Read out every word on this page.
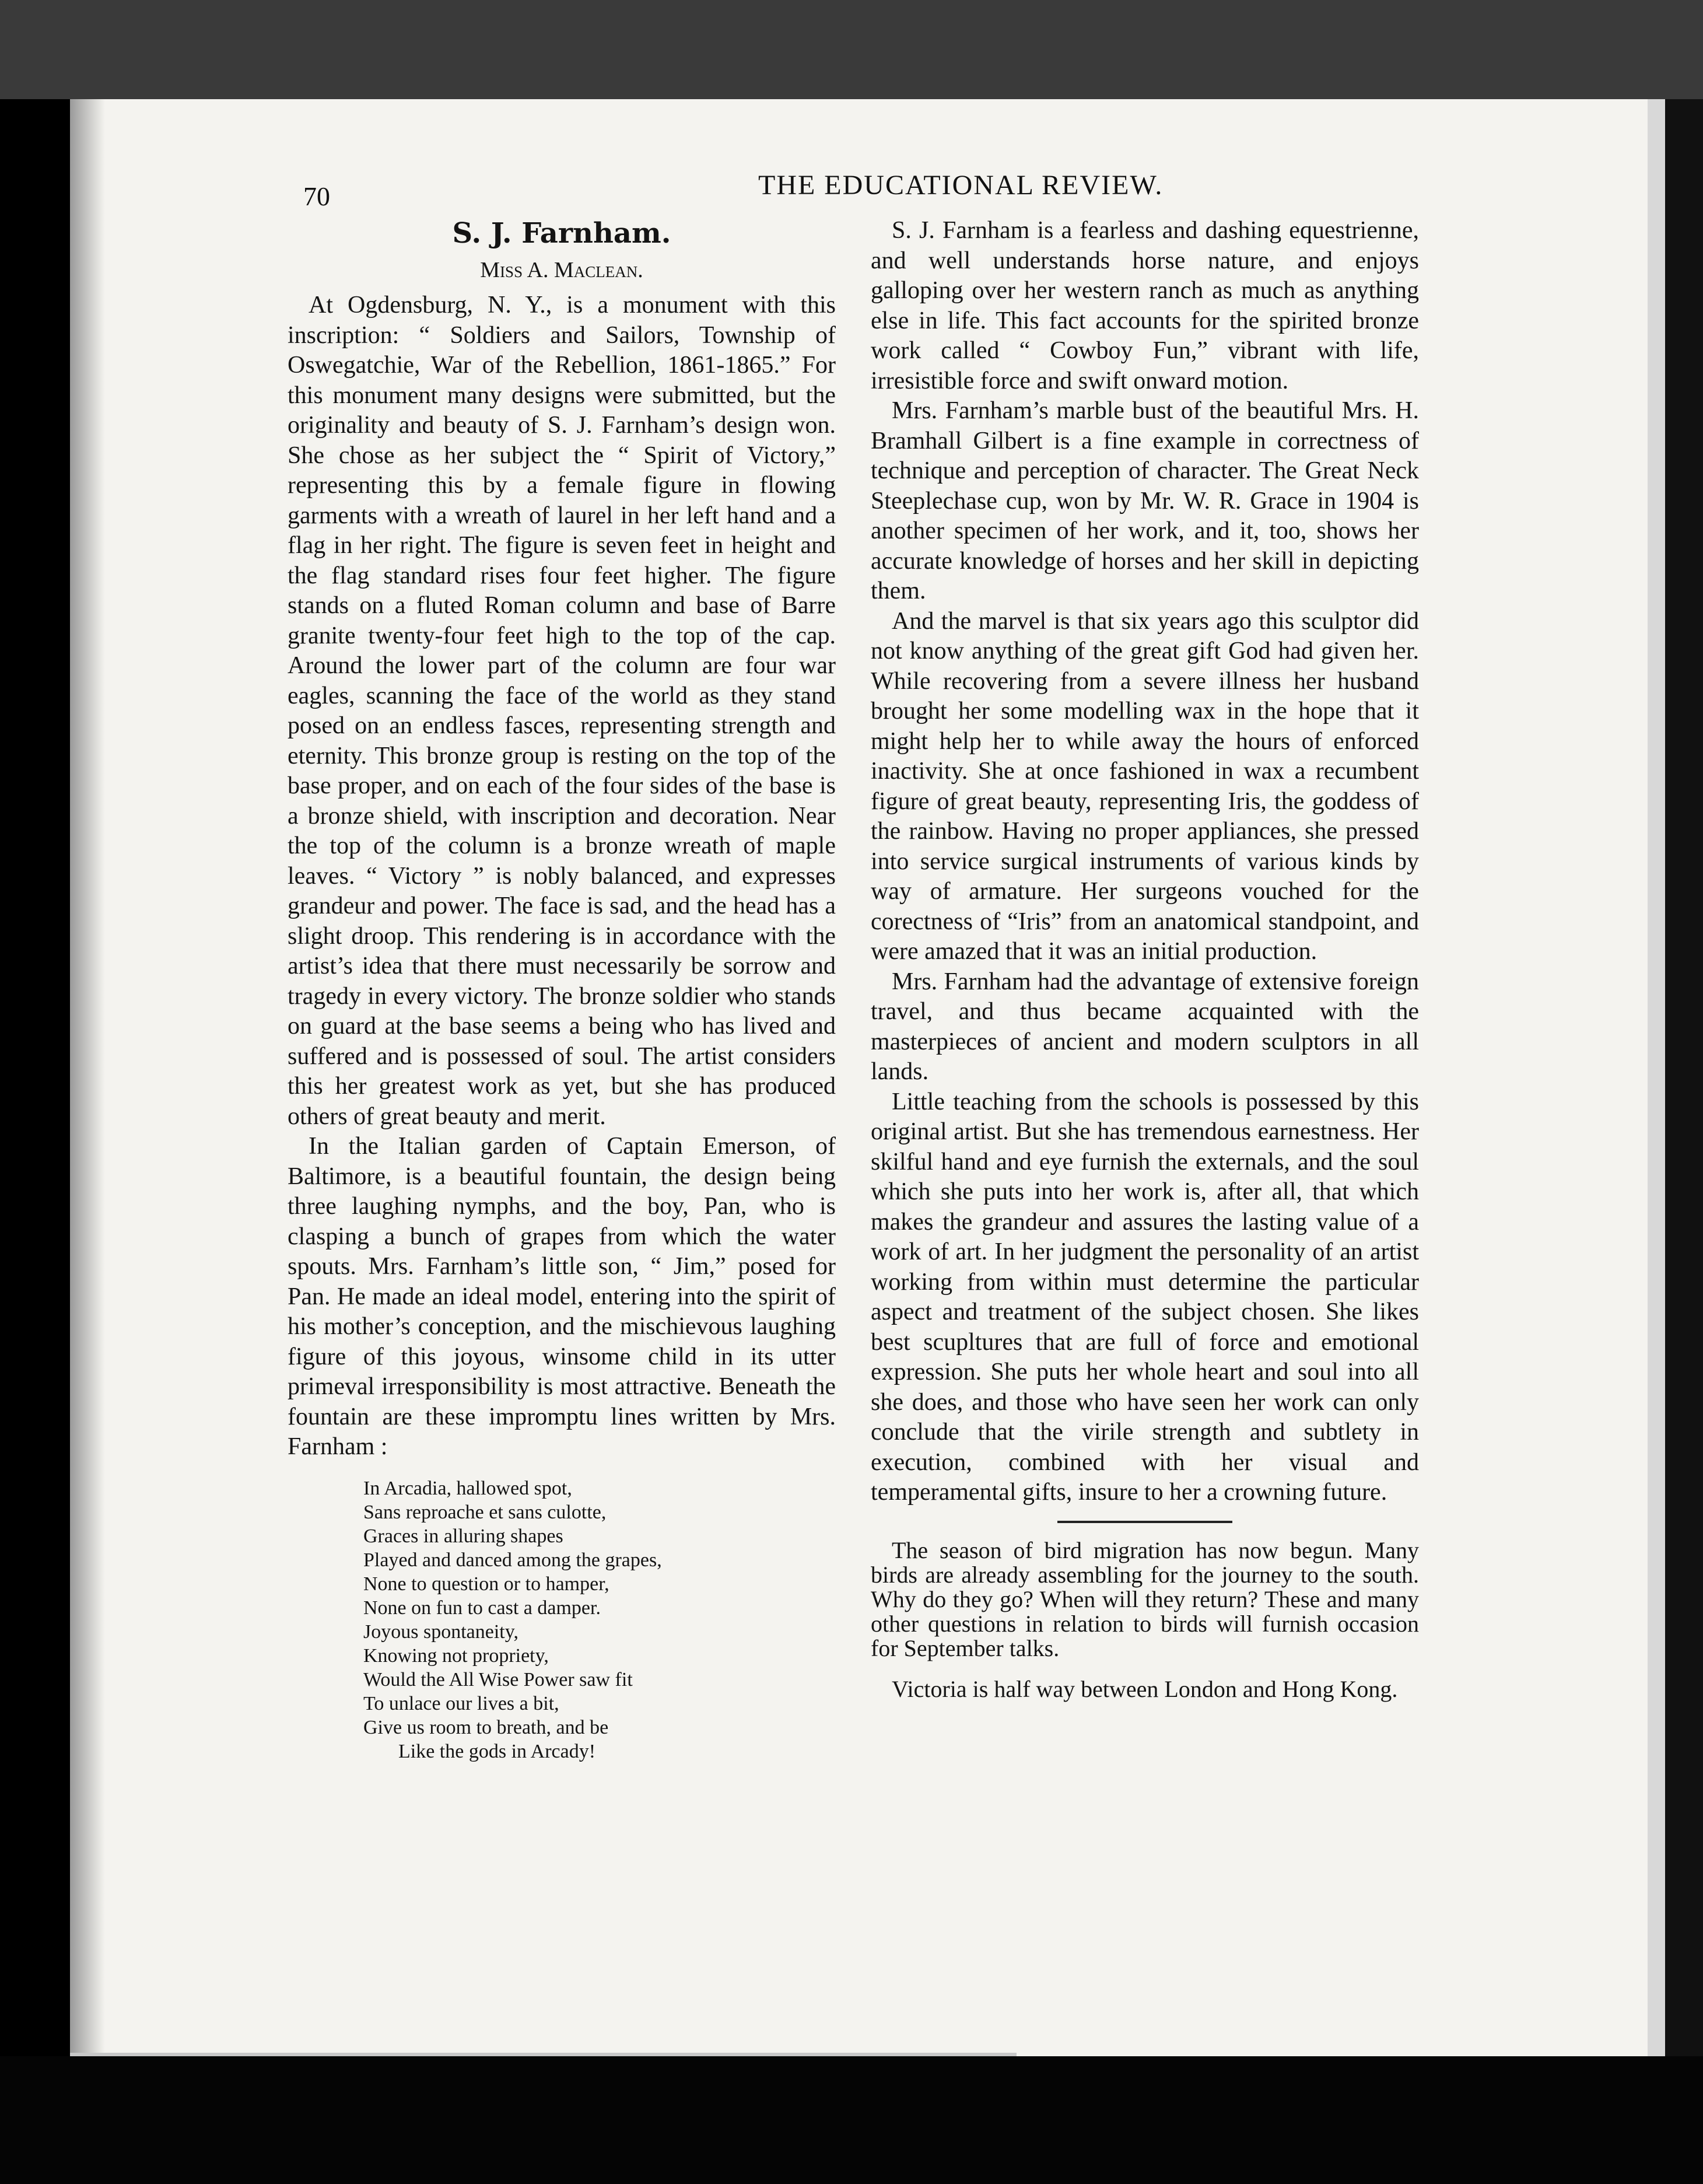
70	THE EDUCATIONAL REVIEW.
S. J. Farnham.
Miss A. Maclean.

At Ogdensburg, N. Y., is a monument with this inscription: “ Soldiers and Sailors, Township of Oswegatchie, War of the Rebellion, 1861-1865.” For this monument many designs were submitted, but the originality and beauty of S. J. Farnham’s design won. She chose as her subject the “ Spirit of Victory,” representing this by a female figure in flowing garments with a wreath of laurel in her left hand and a flag in her right. The figure is seven feet in height and the flag standard rises four feet higher. The figure stands on a fluted Roman column and base of Barre granite twenty-four feet high to the top of the cap. Around the lower part of the column are four war eagles, scanning the face of the world as they stand posed on an endless fasces, representing strength and eternity. This bronze group is resting on the top of the base proper, and on each of the four sides of the base is a bronze shield, with inscription and decoration. Near the top of the column is a bronze wreath of maple leaves. “ Victory ” is nobly balanced, and expresses grandeur and power. The face is sad, and the head has a slight droop. This rendering is in accordance with the artist’s idea that there must necessarily be sorrow and tragedy in every victory. The bronze soldier who stands on guard at the base seems a being who has lived and suffered and is possessed of soul. The artist considers this her greatest work as yet, but she has produced others of great beauty and merit.

In the Italian garden of Captain Emerson, of Baltimore, is a beautiful fountain, the design being three laughing nymphs, and the boy, Pan, who is clasping a bunch of grapes from which the water spouts. Mrs. Farnham’s little son, “ Jim,” posed for Pan. He made an ideal model, entering into the spirit of his mother’s conception, and the mischievous laughing figure of this joyous, winsome child in its utter primeval irresponsibility is most attractive. Beneath the fountain are these impromptu lines written by Mrs. Farnham :

In Arcadia, hallowed spot,
Sans reproache et sans culotte,
Graces in alluring shapes
Played and danced among the grapes,
None to question or to hamper,
None on fun to cast a damper.
Joyous spontaneity,
Knowing not propriety,
Would the All Wise Power saw fit
To unlace our lives a bit,
Give us room to breath, and be
Like the gods in Arcady!

S. J. Farnham is a fearless and dashing equestrienne, and well understands horse nature, and enjoys galloping over her western ranch as much as anything else in life. This fact accounts for the spirited bronze work called “ Cowboy Fun,” vibrant with life, irresistible force and swift onward motion.

Mrs. Farnham’s marble bust of the beautiful Mrs. H. Bramhall Gilbert is a fine example in correctness of technique and perception of character. The Great Neck Steeplechase cup, won by Mr. W. R. Grace in 1904 is another specimen of her work, and it, too, shows her accurate knowledge of horses and her skill in depicting them.

And the marvel is that six years ago this sculptor did not know anything of the great gift God had given her. While recovering from a severe illness her husband brought her some modelling wax in the hope that it might help her to while away the hours of enforced inactivity. She at once fashioned in wax a recumbent figure of great beauty, representing Iris, the goddess of the rainbow. Having no proper appliances, she pressed into service surgical instruments of various kinds by way of armature. Her surgeons vouched for the corectness of “Iris” from an anatomical standpoint, and were amazed that it was an initial production.

Mrs. Farnham had the advantage of extensive foreign travel, and thus became acquainted with the masterpieces of ancient and modern sculptors in all lands.

Little teaching from the schools is possessed by this original artist. But she has tremendous earnestness. Her skilful hand and eye furnish the externals, and the soul which she puts into her work is, after all, that which makes the grandeur and assures the lasting value of a work of art. In her judgment the personality of an artist working from within must determine the particular aspect and treatment of the subject chosen. She likes best scupltures that are full of force and emotional expression. She puts her whole heart and soul into all she does, and those who have seen her work can only conclude that the virile strength and subtlety in execution, combined with her visual and temperamental gifts, insure to her a crowning future.

The season of bird migration has now begun. Many birds are already assembling for the journey to the south. Why do they go? When will they return? These and many other questions in relation to birds will furnish occasion for September talks.

Victoria is half way between London and Hong Kong.
